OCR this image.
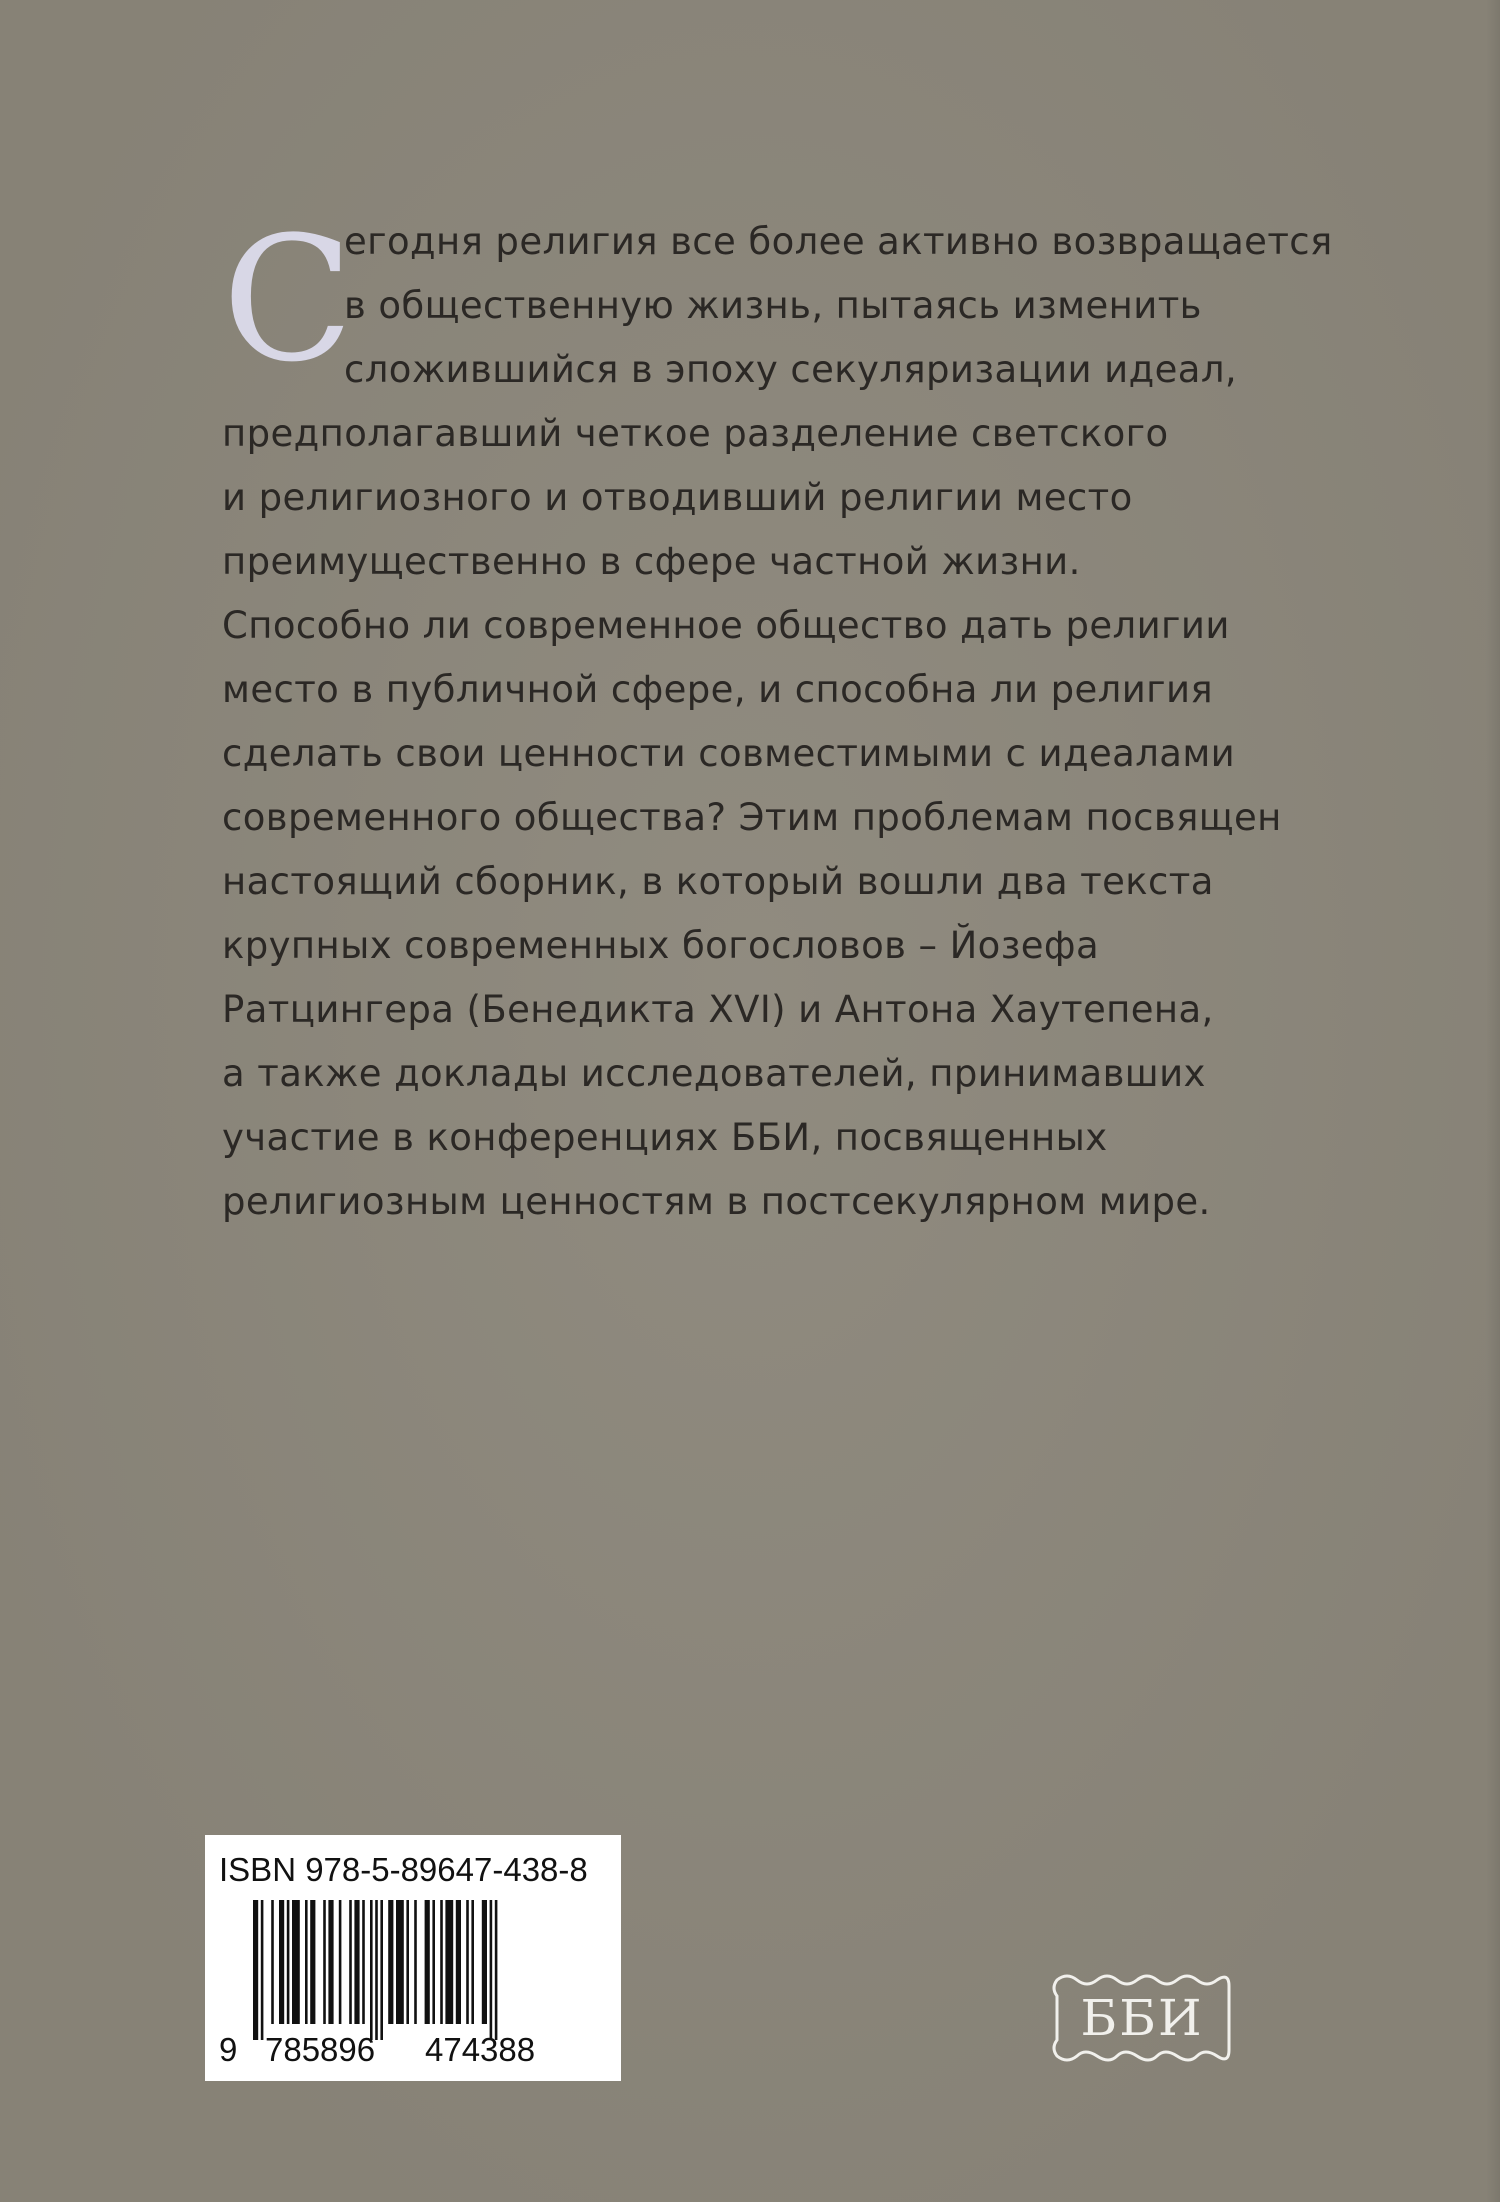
С
егодня религия все более активно возвращается
в общественную жизнь, пытаясь изменить
сложившийся в эпоху секуляризации идеал,
предполагавший четкое разделение светского
и религиозного и отводивший религии место
преимущественно в сфере частной жизни.
Способно ли современное общество дать религии
место в публичной сфере, и способна ли религия
сделать свои ценности совместимыми с идеалами
современного общества? Этим проблемам посвящен
настоящий сборник, в который вошли два текста
крупных современных богословов – Йозефа
Ратцингера (Бенедикта XVI) и Антона Хаутепена,
а также доклады исследователей, принимавших
участие в конференциях ББИ, посвященных
религиозным ценностям в постсекулярном мире.
ISBN 978-5-89647-438-8
9 785896 474388
ББИ
